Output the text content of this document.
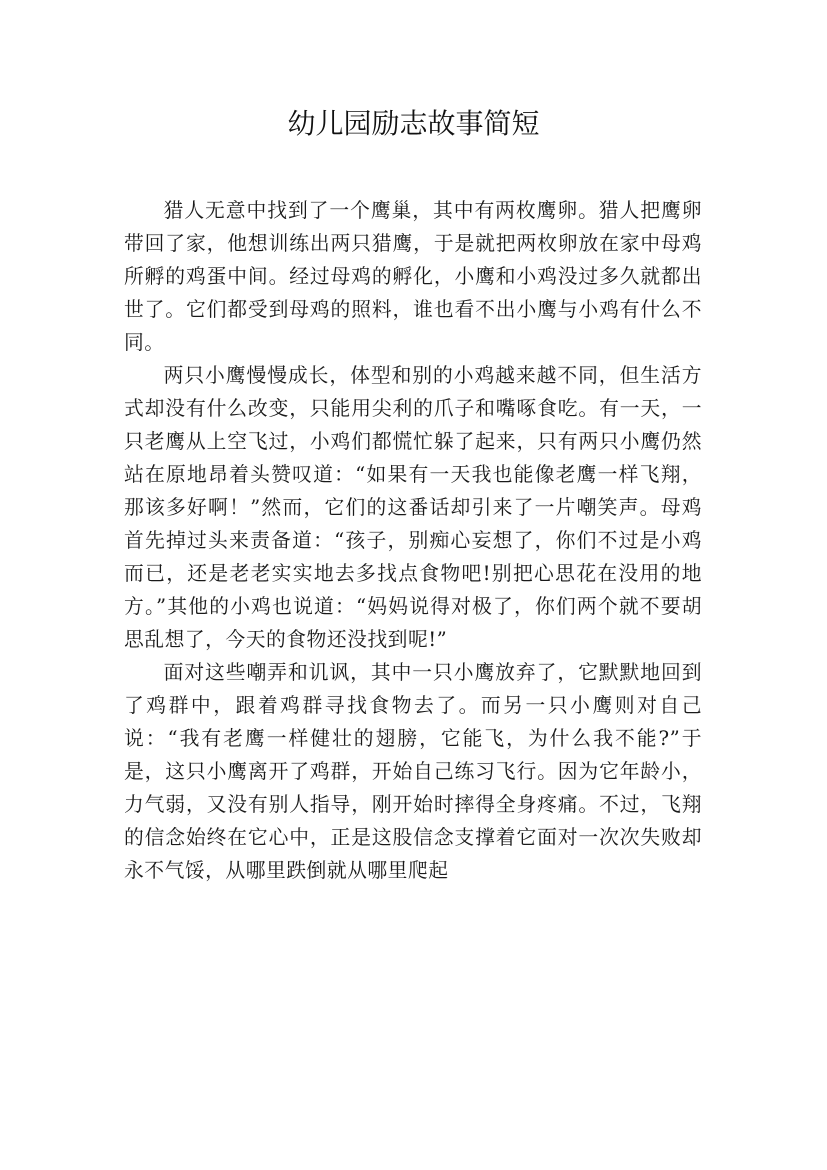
幼儿园励志故事简短

猎人无意中找到了一个鹰巢，其中有两枚鹰卵。猎人把鹰卵带回了家，他想训练出两只猎鹰，于是就把两枚卵放在家中母鸡所孵的鸡蛋中间。经过母鸡的孵化，小鹰和小鸡没过多久就都出世了。它们都受到母鸡的照料，谁也看不出小鹰与小鸡有什么不同。

两只小鹰慢慢成长，体型和别的小鸡越来越不同，但生活方式却没有什么改变，只能用尖利的爪子和嘴啄食吃。有一天，一只老鹰从上空飞过，小鸡们都慌忙躲了起来，只有两只小鹰仍然站在原地昂着头赞叹道：“如果有一天我也能像老鹰一样飞翔，那该多好啊！”然而，它们的这番话却引来了一片嘲笑声。母鸡首先掉过头来责备道：“孩子，别痴心妄想了，你们不过是小鸡而已，还是老老实实地去多找点食物吧!别把心思花在没用的地方。”其他的小鸡也说道：“妈妈说得对极了，你们两个就不要胡思乱想了，今天的食物还没找到呢!”

面对这些嘲弄和讥讽，其中一只小鹰放弃了，它默默地回到了鸡群中，跟着鸡群寻找食物去了。而另一只小鹰则对自己说：“我有老鹰一样健壮的翅膀，它能飞，为什么我不能?”于是，这只小鹰离开了鸡群，开始自己练习飞行。因为它年龄小，力气弱，又没有别人指导，刚开始时摔得全身疼痛。不过，飞翔的信念始终在它心中，正是这股信念支撑着它面对一次次失败却永不气馁，从哪里跌倒就从哪里爬起
